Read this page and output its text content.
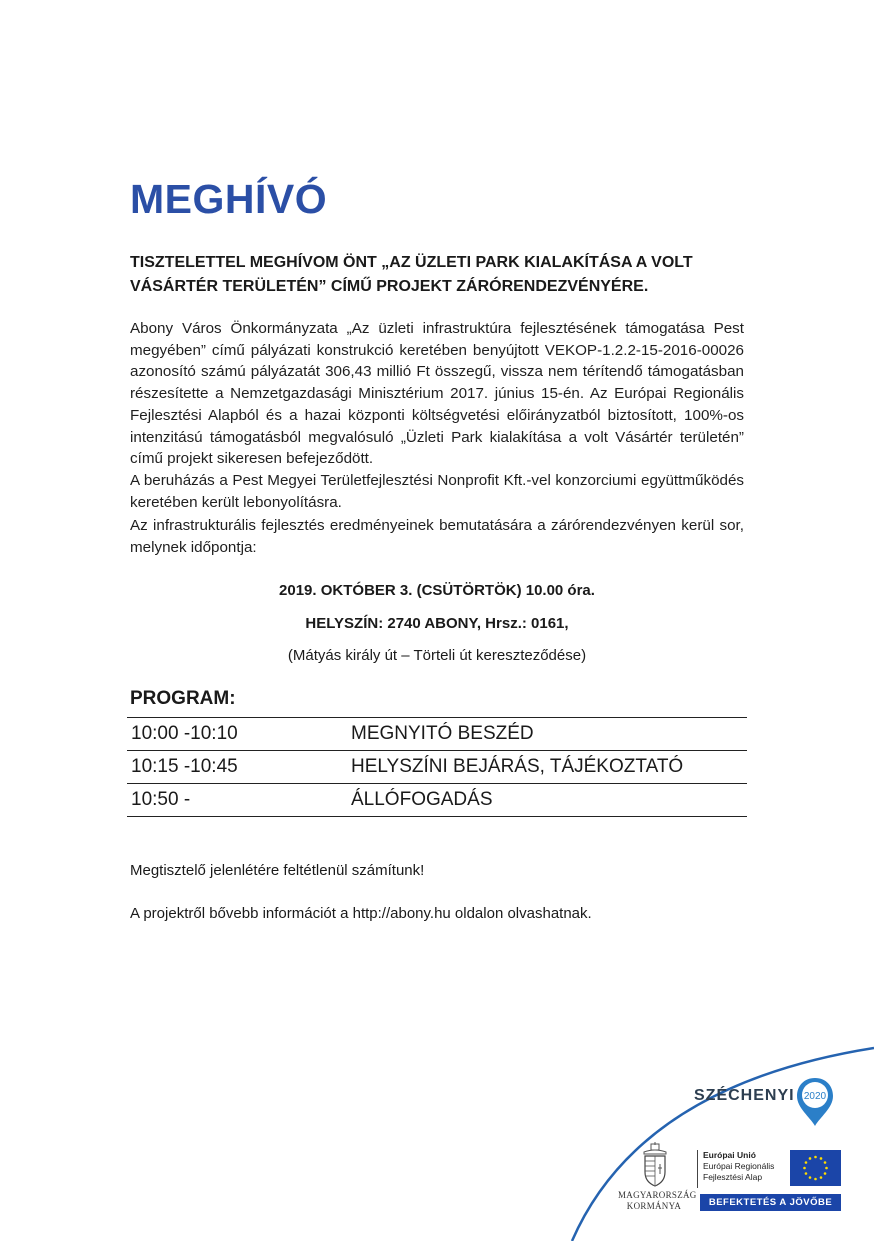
MEGHÍVÓ

TISZTELETTEL MEGHÍVOM ÖNT „AZ ÜZLETI PARK KIALAKÍTÁSA A VOLT VÁSÁRTÉR TERÜLETÉN” CÍMŰ PROJEKT ZÁRÓRENDEZVÉNYÉRE.

Abony Város Önkormányzata „Az üzleti infrastruktúra fejlesztésének támogatása Pest megyében” című pályázati konstrukció keretében benyújtott VEKOP-1.2.2-15-2016-00026 azonosító számú pályázatát 306,43 millió Ft összegű, vissza nem térítendő támogatásban részesítette a Nemzetgazdasági Minisztérium 2017. június 15-én. Az Európai Regionális Fejlesztési Alapból és a hazai központi költségvetési előirányzatból biztosított, 100%-os intenzitású támogatásból megvalósuló „Üzleti Park kialakítása a volt Vásártér területén” című projekt sikeresen befejeződött.

A beruházás a Pest Megyei Területfejlesztési Nonprofit Kft.-vel konzorciumi együttműködés keretében került lebonyolításra.

Az infrastrukturális fejlesztés eredményeinek bemutatására a zárórendezvényen kerül sor, melynek időpontja:

2019. OKTÓBER 3. (CSÜTÖRTÖK) 10.00 óra.

HELYSZÍN: 2740 ABONY, Hrsz.: 0161,

(Mátyás király út – Törteli út kereszteződése)

PROGRAM:

10:00 -10:10	MEGNYITÓ BESZÉD
10:15 -10:45	HELYSZÍNI BEJÁRÁS, TÁJÉKOZTATÓ
10:50 -	ÁLLÓFOGADÁS

Megtisztelő jelenlétére feltétlenül számítunk!

A projektről bővebb információt a http://abony.hu oldalon olvashatnak.

SZÉCHENYI 2020
MAGYARORSZÁG
KORMÁNYA
Európai Unió
Európai Regionális
Fejlesztési Alap
BEFEKTETÉS A JÖVŐBE
